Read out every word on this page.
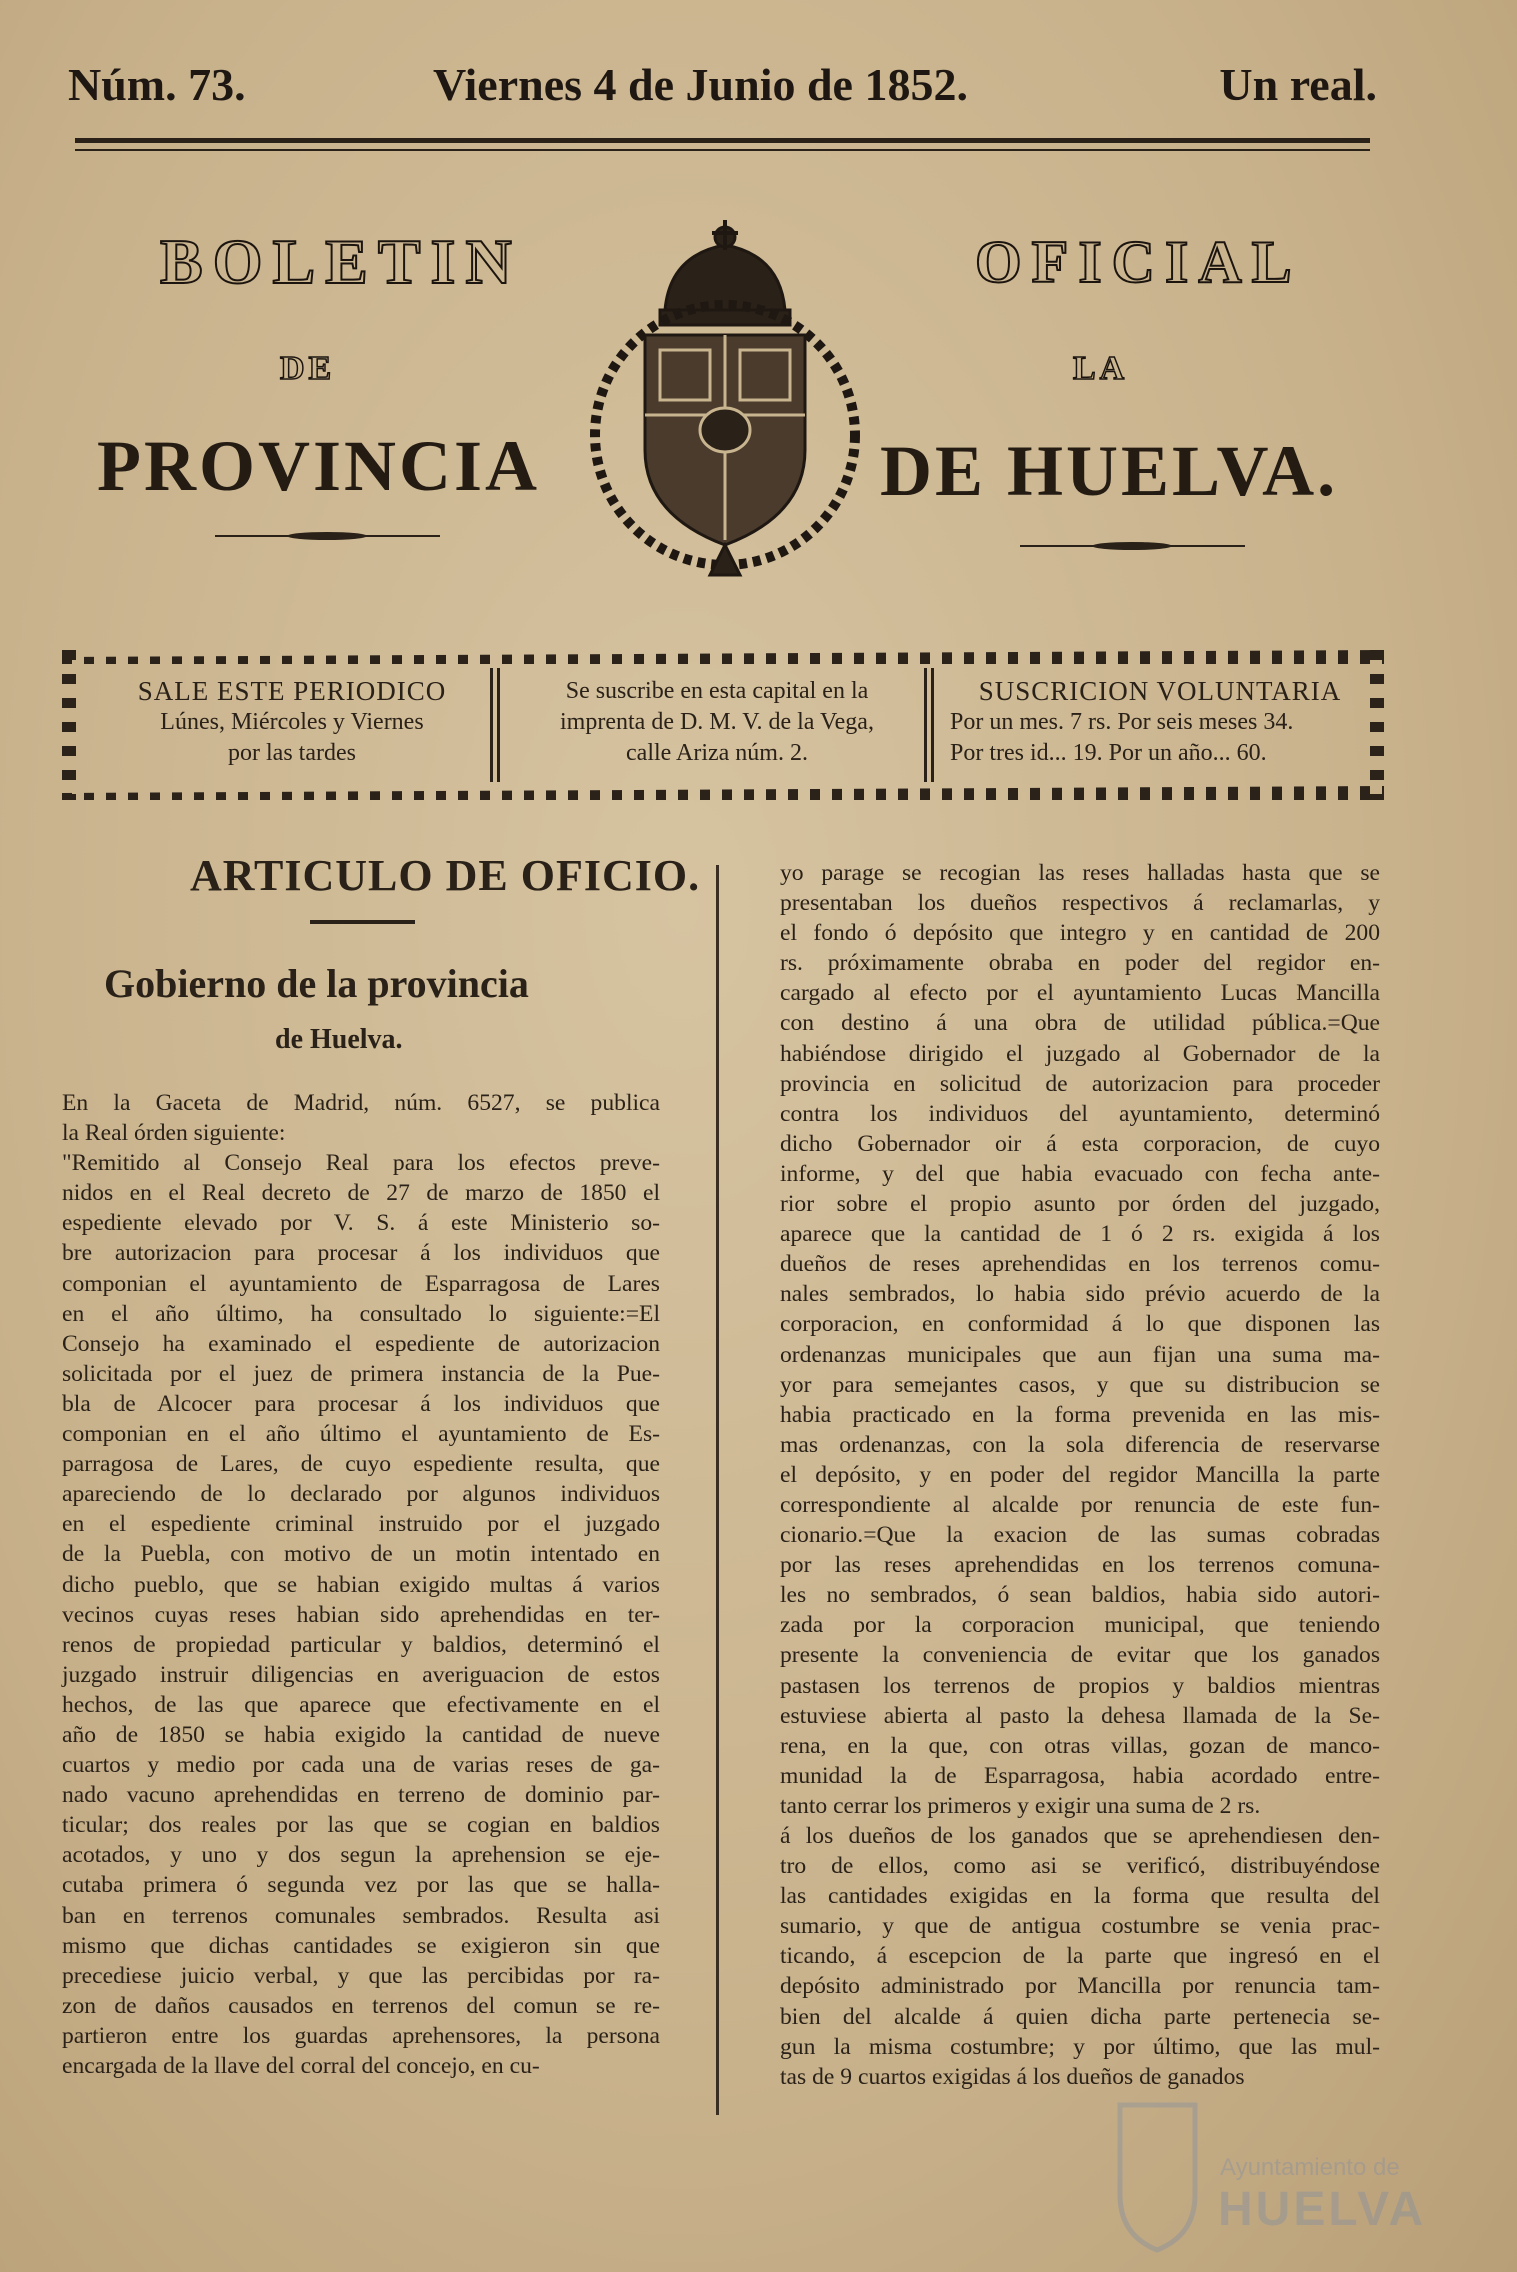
Núm. 73.	Viernes 4 de Junio de 1852.	Un real.
BOLETIN	OFICIAL
DE	LA
PROVINCIA	DE HUELVA.
SALE ESTE PERIODICO
Lúnes, Miércoles y Viernes
por las tardes
Se suscribe en esta capital en la
imprenta de D. M. V. de la Vega,
calle Ariza núm. 2.
SUSCRICION VOLUNTARIA
Por un mes. 7 rs. Por seis meses 34.
Por tres id... 19. Por un año... 60.
ARTICULO DE OFICIO.
Gobierno de la provincia
de Huelva.
En la Gaceta de Madrid, núm. 6527, se publica
la Real órden siguiente:
"Remitido al Consejo Real para los efectos preve-
nidos en el Real decreto de 27 de marzo de 1850 el
espediente elevado por V. S. á este Ministerio so-
bre autorizacion para procesar á los individuos que
componian el ayuntamiento de Esparragosa de Lares
en el año último, ha consultado lo siguiente:=El
Consejo ha examinado el espediente de autorizacion
solicitada por el juez de primera instancia de la Pue-
bla de Alcocer para procesar á los individuos que
componian en el año último el ayuntamiento de Es-
parragosa de Lares, de cuyo espediente resulta, que
apareciendo de lo declarado por algunos individuos
en el espediente criminal instruido por el juzgado
de la Puebla, con motivo de un motin intentado en
dicho pueblo, que se habian exigido multas á varios
vecinos cuyas reses habian sido aprehendidas en ter-
renos de propiedad particular y baldios, determinó el
juzgado instruir diligencias en averiguacion de estos
hechos, de las que aparece que efectivamente en el
año de 1850 se habia exigido la cantidad de nueve
cuartos y medio por cada una de varias reses de ga-
nado vacuno aprehendidas en terreno de dominio par-
ticular; dos reales por las que se cogian en baldios
acotados, y uno y dos segun la aprehension se eje-
cutaba primera ó segunda vez por las que se halla-
ban en terrenos comunales sembrados. Resulta asi
mismo que dichas cantidades se exigieron sin que
precediese juicio verbal, y que las percibidas por ra-
zon de daños causados en terrenos del comun se re-
partieron entre los guardas aprehensores, la persona
encargada de la llave del corral del concejo, en cu-
yo parage se recogian las reses halladas hasta que se
presentaban los dueños respectivos á reclamarlas, y
el fondo ó depósito que integro y en cantidad de 200
rs. próximamente obraba en poder del regidor en-
cargado al efecto por el ayuntamiento Lucas Mancilla
con destino á una obra de utilidad pública.=Que
habiéndose dirigido el juzgado al Gobernador de la
provincia en solicitud de autorizacion para proceder
contra los individuos del ayuntamiento, determinó
dicho Gobernador oir á esta corporacion, de cuyo
informe, y del que habia evacuado con fecha ante-
rior sobre el propio asunto por órden del juzgado,
aparece que la cantidad de 1 ó 2 rs. exigida á los
dueños de reses aprehendidas en los terrenos comu-
nales sembrados, lo habia sido prévio acuerdo de la
corporacion, en conformidad á lo que disponen las
ordenanzas municipales que aun fijan una suma ma-
yor para semejantes casos, y que su distribucion se
habia practicado en la forma prevenida en las mis-
mas ordenanzas, con la sola diferencia de reservarse
el depósito, y en poder del regidor Mancilla la parte
correspondiente al alcalde por renuncia de este fun-
cionario.=Que la exacion de las sumas cobradas
por las reses aprehendidas en los terrenos comuna-
les no sembrados, ó sean baldios, habia sido autori-
zada por la corporacion municipal, que teniendo
presente la conveniencia de evitar que los ganados
pastasen los terrenos de propios y baldios mientras
estuviese abierta al pasto la dehesa llamada de la Se-
rena, en la que, con otras villas, gozan de manco-
munidad la de Esparragosa, habia acordado entre-
tanto cerrar los primeros y exigir una suma de 2 rs.
á los dueños de los ganados que se aprehendiesen den-
tro de ellos, como asi se verificó, distribuyéndose
las cantidades exigidas en la forma que resulta del
sumario, y que de antigua costumbre se venia prac-
ticando, á escepcion de la parte que ingresó en el
depósito administrado por Mancilla por renuncia tam-
bien del alcalde á quien dicha parte pertenecia se-
gun la misma costumbre; y por último, que las mul-
tas de 9 cuartos exigidas á los dueños de ganados
Ayuntamiento de
HUELVA
